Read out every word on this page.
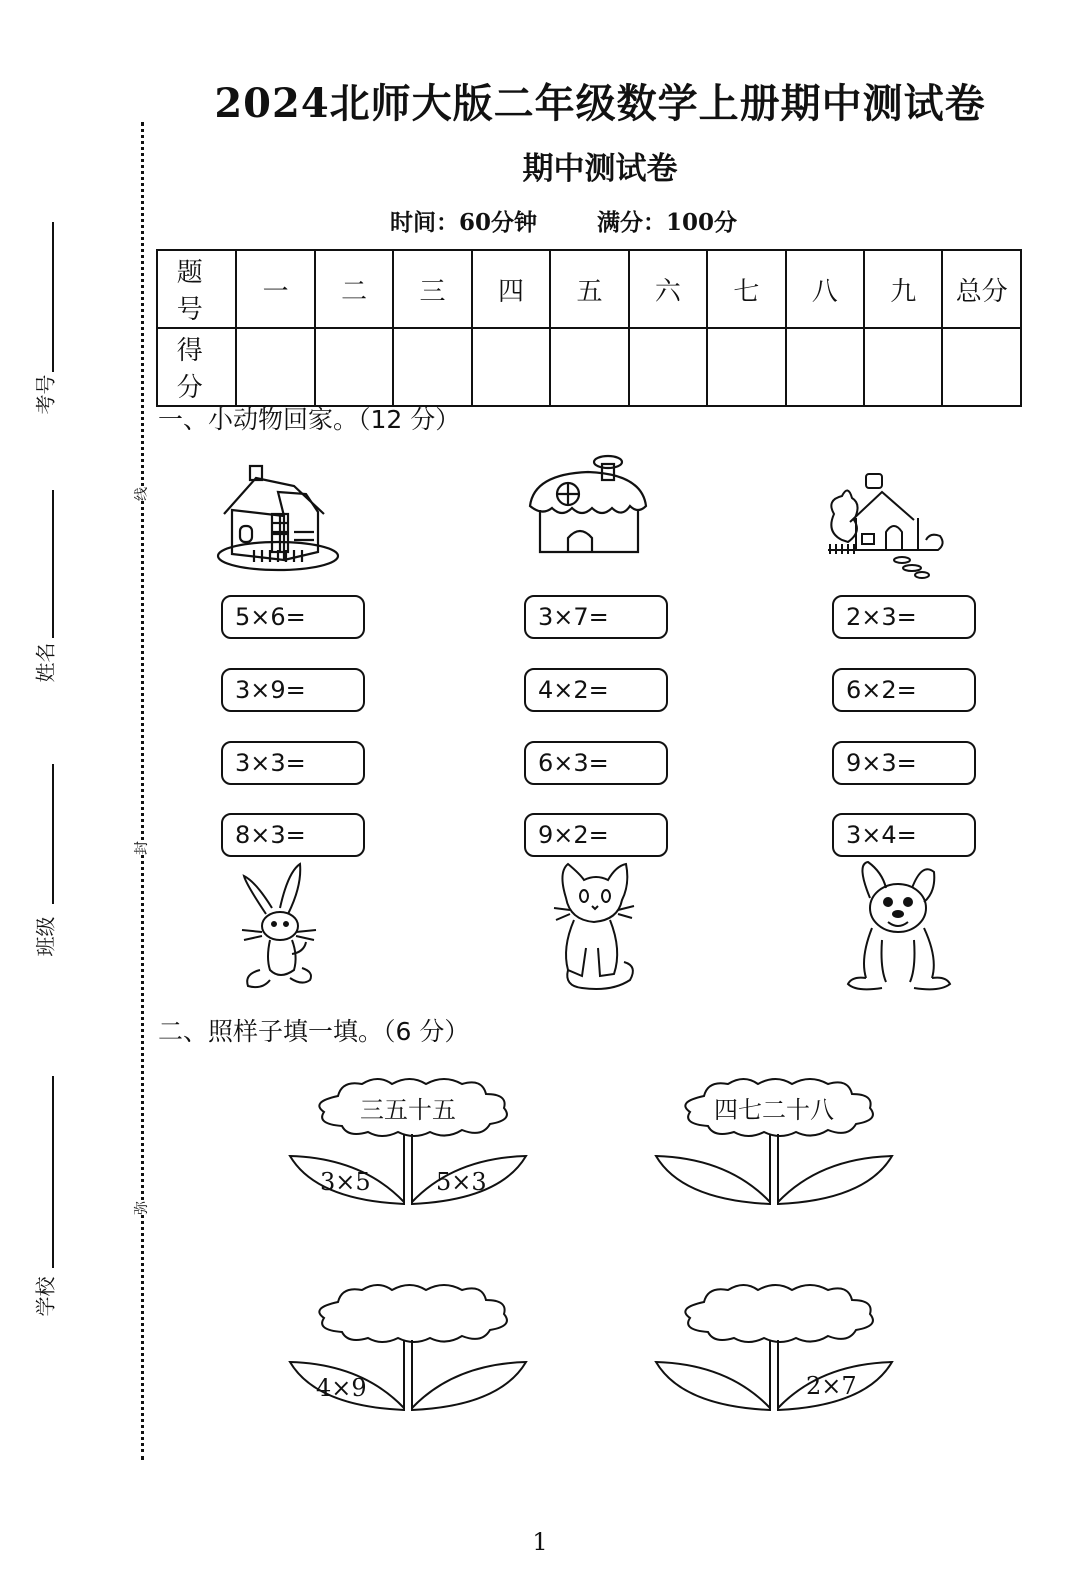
考号
姓名
班级
学校
线
封
弥
2024北师大版二年级数学上册期中测试卷
期中测试卷
时间：60分钟	满分：100分
题 号	一	二	三	四	五	六	七	八	九	总分
得 分										
一、小动物回家。（12 分）
5×6=
3×9=
3×3=
8×3=
3×7=
4×2=
6×3=
9×2=
2×3=
6×2=
9×3=
3×4=
二、照样子填一填。（6 分）
三五十五
3×5	5×3
四七二十八
4×9	2×7
1
